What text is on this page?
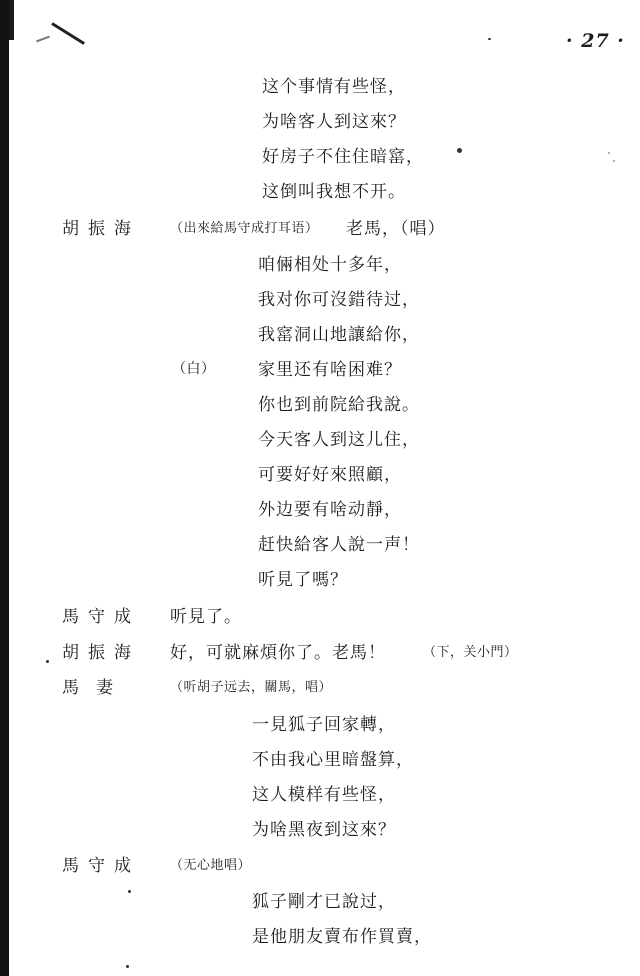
· 27 ·
这个事情有些怪，
为啥客人到这來？
好房子不住住暗窰，
这倒叫我想不开。
胡振海 （出來給馬守成打耳语） 老馬，（唱）
咱倆相处十多年，
我对你可沒錯待过，
我窰洞山地讓給你，
（白）	家里还有啥困难？
你也到前院給我說。
今天客人到这儿住，
可要好好來照顧，
外边要有啥动靜，
赶快給客人說一声！
听見了嗎？
馬守成 听見了。
胡振海 好，可就麻煩你了。老馬！	（下，关小門）
馬　妻	（听胡子远去，關馬，唱）
一見狐子回家轉，
不由我心里暗盤算，
这人模样有些怪，
为啥黑夜到这來？
馬守成 （无心地唱）
狐子剛才已說过，
是他朋友賣布作買賣，
